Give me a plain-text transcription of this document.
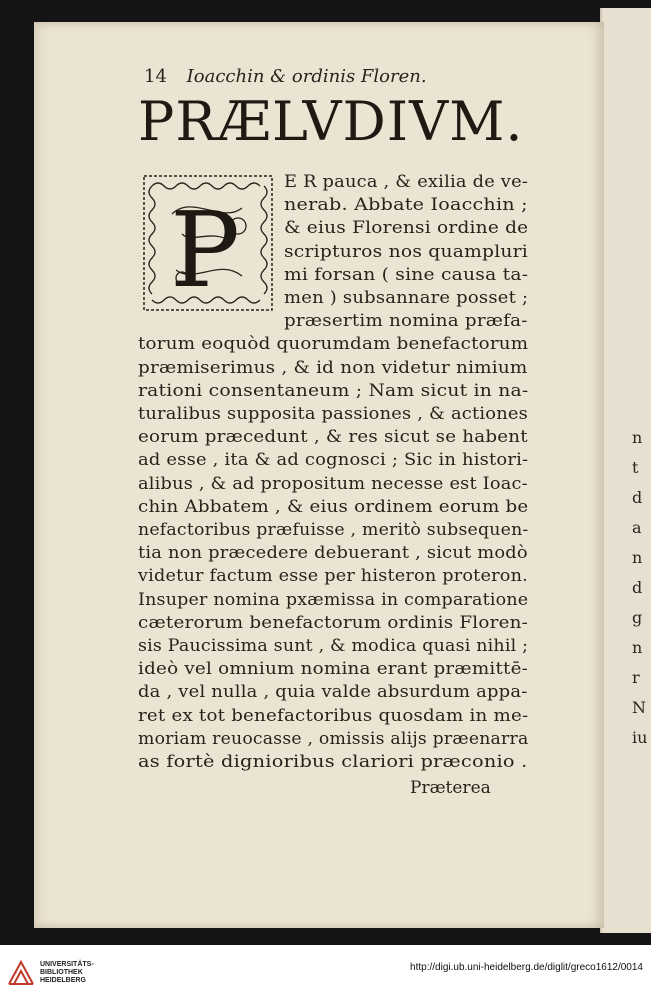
n
t
d
a
n
d
g
n
r
N
iu
14 Ioacchin & ordinis Floren.
PRÆLVDIVM.
P
Præterea
E R pauca , & exilia de ve-
nerab. Abbate Ioacchin ;
& eius Florensi ordine de
scripturos nos quampluri
mi forsan ( sine causa ta-
men ) subsannare posset ;
præsertim nomina præfa-
torum eoquòd quorumdam benefactorum
præmiserimus , & id non videtur nimium
rationi consentaneum ; Nam sicut in na-
turalibus supposita passiones , & actiones
eorum præcedunt , & res sicut se habent
ad esse , ita & ad cognosci ; Sic in histori-
alibus , & ad propositum necesse est Ioac-
chin Abbatem , & eius ordinem eorum be
nefactoribus præfuisse , meritò subsequen-
tia non præcedere debuerant , sicut modò
videtur factum esse per histeron proteron.
Insuper nomina pxæmissa in comparatione
cæterorum benefactorum ordinis Floren-
sis Paucissima sunt , & modica quasi nihil ;
ideò vel omnium nomina erant præmittē-
da , vel nulla , quia valde absurdum appa-
ret ex tot benefactoribus quosdam in me-
moriam reuocasse , omissis alijs præenarra
as fortè dignioribus clariori præconio .
UNIVERSITÄTS-
BIBLIOTHEK
HEIDELBERG
http://digi.ub.uni-heidelberg.de/diglit/greco1612/0014
